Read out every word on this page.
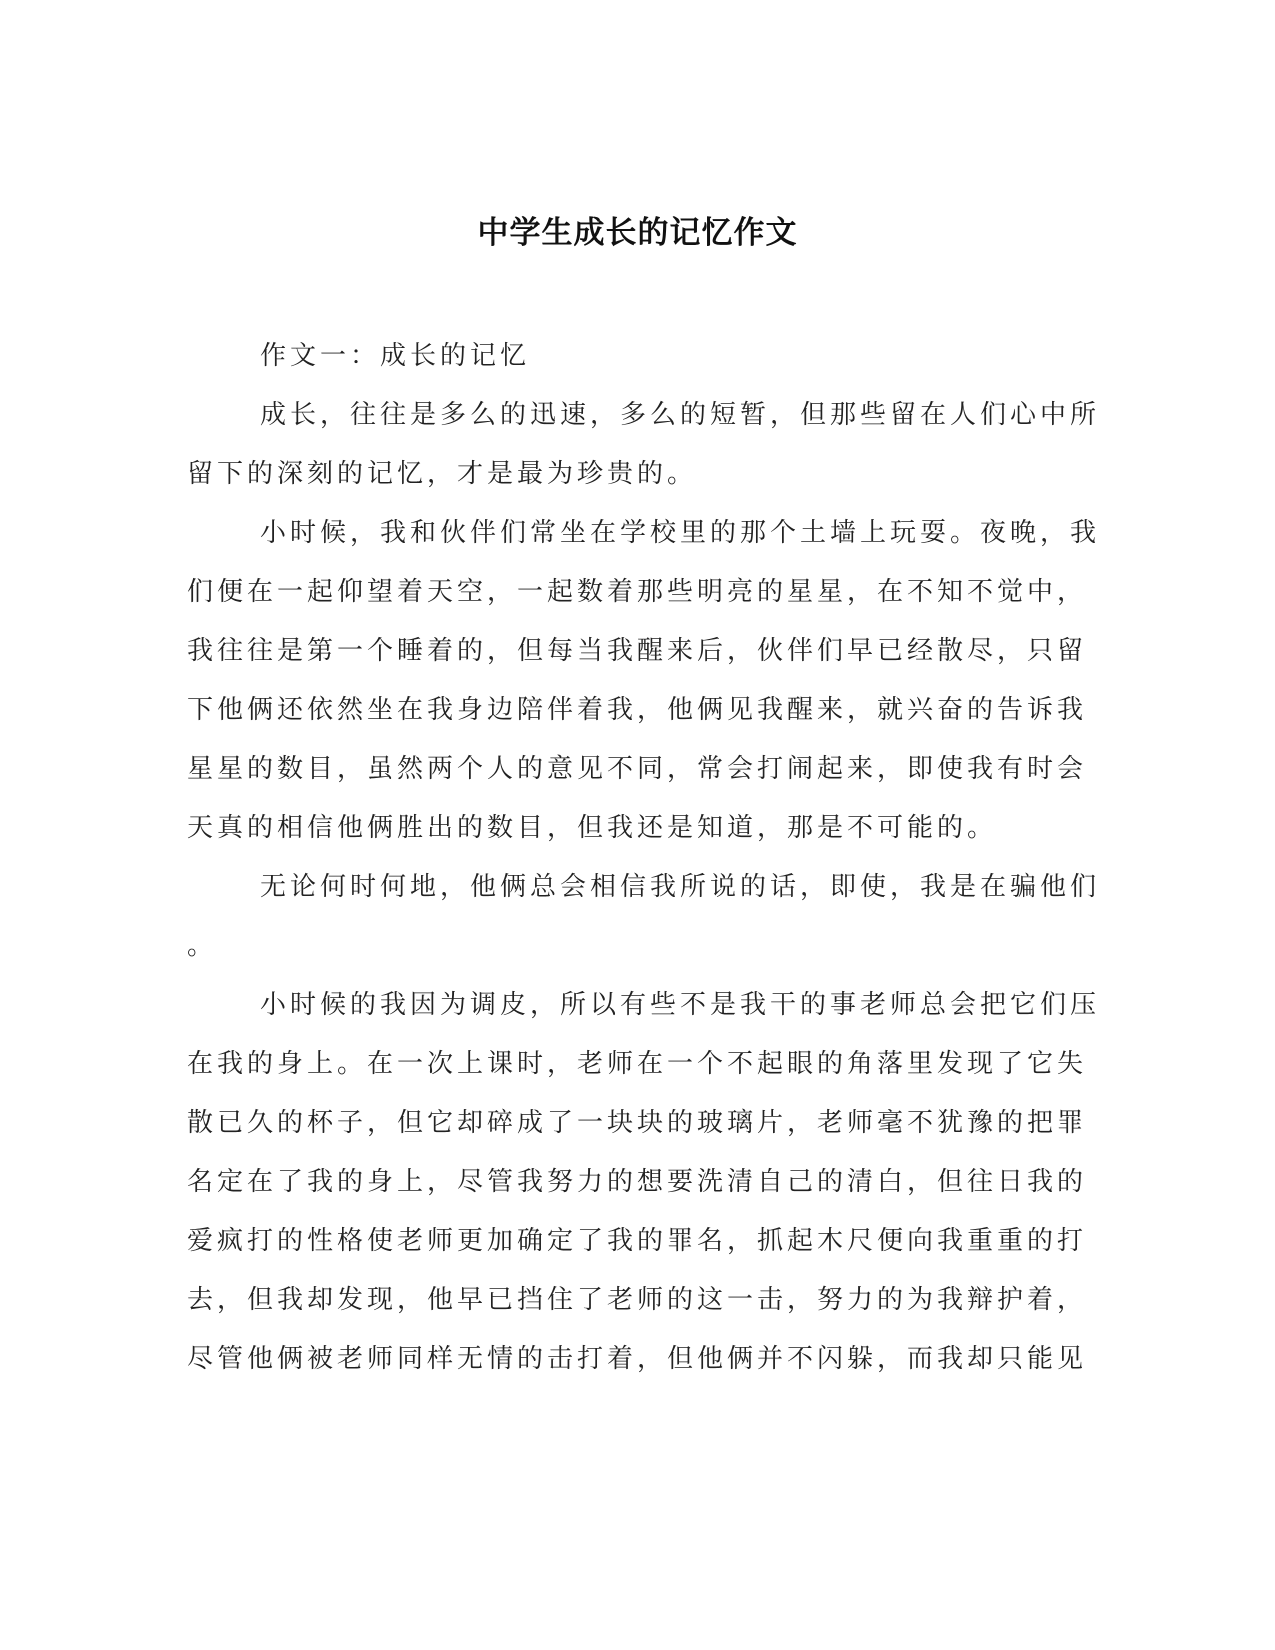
中学生成长的记忆作文
作文一：成长的记忆
成长，往往是多么的迅速，多么的短暂，但那些留在人们心中所
留下的深刻的记忆，才是最为珍贵的。
小时候，我和伙伴们常坐在学校里的那个土墙上玩耍。夜晚，我
们便在一起仰望着天空，一起数着那些明亮的星星，在不知不觉中，
我往往是第一个睡着的，但每当我醒来后，伙伴们早已经散尽，只留
下他俩还依然坐在我身边陪伴着我，他俩见我醒来，就兴奋的告诉我
星星的数目，虽然两个人的意见不同，常会打闹起来，即使我有时会
天真的相信他俩胜出的数目，但我还是知道，那是不可能的。
无论何时何地，他俩总会相信我所说的话，即使，我是在骗他们
。
小时候的我因为调皮，所以有些不是我干的事老师总会把它们压
在我的身上。在一次上课时，老师在一个不起眼的角落里发现了它失
散已久的杯子，但它却碎成了一块块的玻璃片，老师毫不犹豫的把罪
名定在了我的身上，尽管我努力的想要洗清自己的清白，但往日我的
爱疯打的性格使老师更加确定了我的罪名，抓起木尺便向我重重的打
去，但我却发现，他早已挡住了老师的这一击，努力的为我辩护着，
尽管他俩被老师同样无情的击打着，但他俩并不闪躲，而我却只能见
